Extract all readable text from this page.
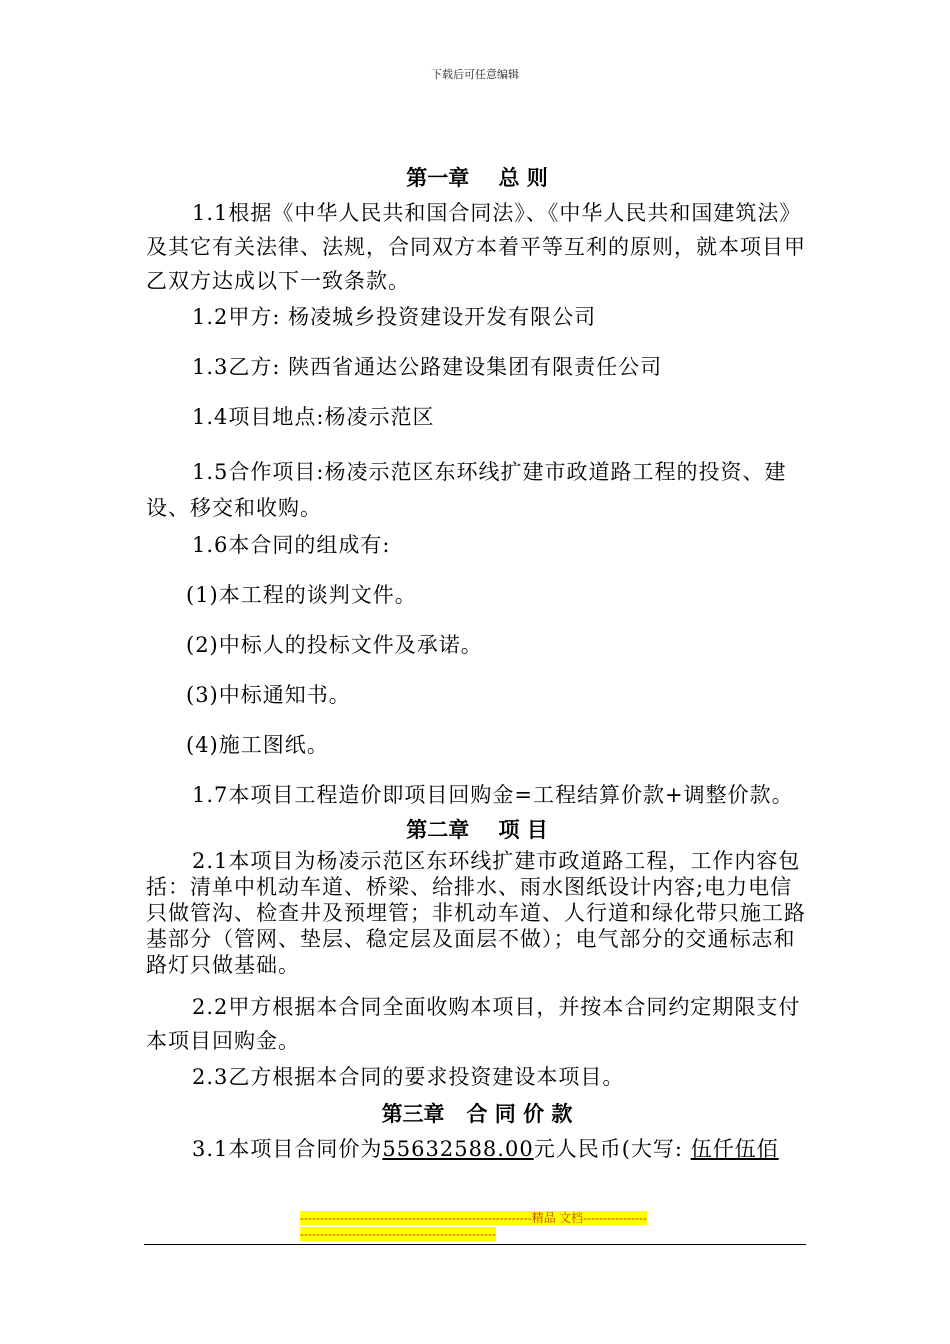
下载后可任意编辑
第一章    总 则

1.1根据《中华人民共和国合同法》、《中华人民共和国建筑法》及其它有关法律、法规，合同双方本着平等互利的原则，就本项目甲乙双方达成以下一致条款。

1.2甲方: 杨凌城乡投资建设开发有限公司

1.3乙方: 陕西省通达公路建设集团有限责任公司

1.4项目地点:杨凌示范区

1.5合作项目:杨凌示范区东环线扩建市政道路工程的投资、建设、移交和收购。

1.6本合同的组成有:

(1)本工程的谈判文件。

(2)中标人的投标文件及承诺。

(3)中标通知书。

(4)施工图纸。

1.7本项目工程造价即项目回购金=工程结算价款+调整价款。

第二章    项 目

2.1本项目为杨凌示范区东环线扩建市政道路工程，工作内容包括：清单中机动车道、桥梁、给排水、雨水图纸设计内容;电力电信只做管沟、检查井及预埋管；非机动车道、人行道和绿化带只施工路基部分（管网、垫层、稳定层及面层不做）；电气部分的交通标志和路灯只做基础。

2.2甲方根据本合同全面收购本项目，并按本合同约定期限支付本项目回购金。

2.3乙方根据本合同的要求投资建设本项目。

第三章   合 同 价 款

3.1本项目合同价为55632588.00元人民币(大写: 伍仟伍佰

----------------------------------------------------------精品 文档-----------------------------------------------------------------
